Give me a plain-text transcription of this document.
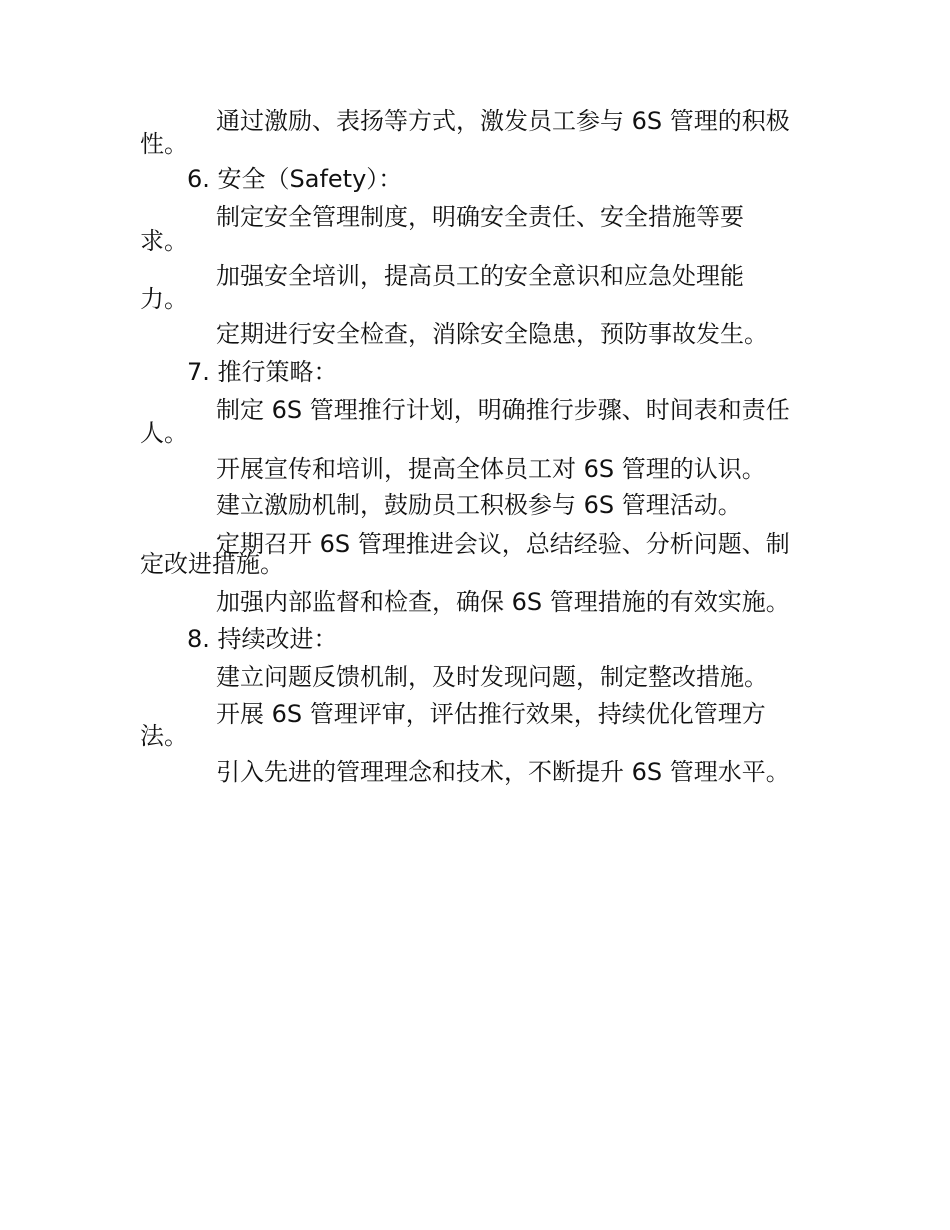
通过激励、表扬等方式，激发员工参与 6S 管理的积极
性。
6. 安全（Safety）：
制定安全管理制度，明确安全责任、安全措施等要
求。
加强安全培训，提高员工的安全意识和应急处理能
力。
定期进行安全检查，消除安全隐患，预防事故发生。
7. 推行策略：
制定 6S 管理推行计划，明确推行步骤、时间表和责任
人。
开展宣传和培训，提高全体员工对 6S 管理的认识。
建立激励机制，鼓励员工积极参与 6S 管理活动。
定期召开 6S 管理推进会议，总结经验、分析问题、制
定改进措施。
加强内部监督和检查，确保 6S 管理措施的有效实施。
8. 持续改进：
建立问题反馈机制，及时发现问题，制定整改措施。
开展 6S 管理评审，评估推行效果，持续优化管理方
法。
引入先进的管理理念和技术，不断提升 6S 管理水平。
